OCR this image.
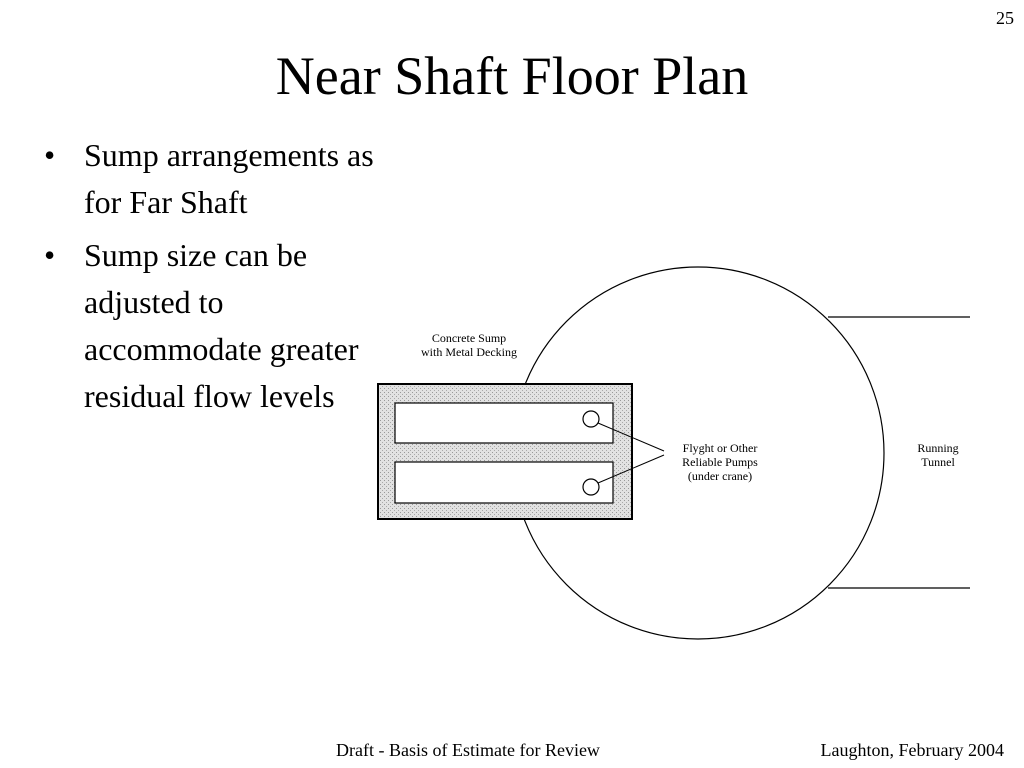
25
Near Shaft Floor Plan
• Sump arrangements as for Far Shaft
• Sump size can be adjusted to accommodate greater residual flow levels
Concrete Sump
with Metal Decking
Flyght or Other
Reliable Pumps
(under crane)
Running
Tunnel
Draft - Basis of Estimate for Review	Laughton, February 2004
